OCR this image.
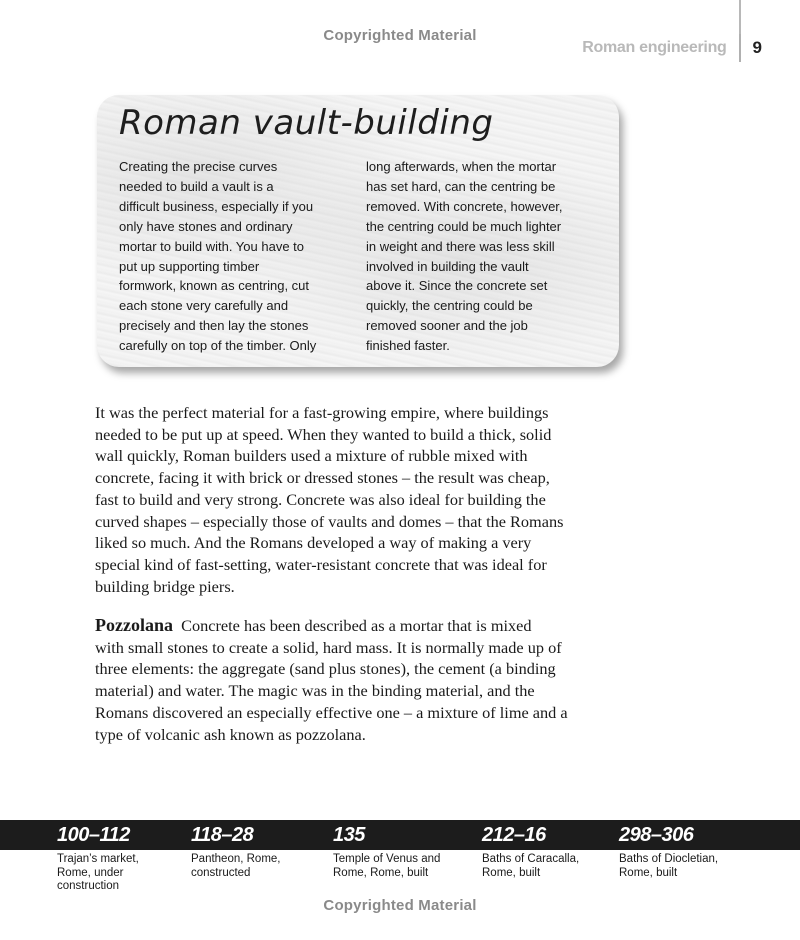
Copyrighted Material
Roman engineering 9
Roman vault-building
Creating the precise curves
needed to build a vault is a
difficult business, especially if you
only have stones and ordinary
mortar to build with. You have to
put up supporting timber
formwork, known as centring, cut
each stone very carefully and
precisely and then lay the stones
carefully on top of the timber. Only
long afterwards, when the mortar
has set hard, can the centring be
removed. With concrete, however,
the centring could be much lighter
in weight and there was less skill
involved in building the vault
above it. Since the concrete set
quickly, the centring could be
removed sooner and the job
finished faster.
It was the perfect material for a fast-growing empire, where buildings
needed to be put up at speed. When they wanted to build a thick, solid
wall quickly, Roman builders used a mixture of rubble mixed with
concrete, facing it with brick or dressed stones – the result was cheap,
fast to build and very strong. Concrete was also ideal for building the
curved shapes – especially those of vaults and domes – that the Romans
liked so much. And the Romans developed a way of making a very
special kind of fast-setting, water-resistant concrete that was ideal for
building bridge piers.
Pozzolana Concrete has been described as a mortar that is mixed
with small stones to create a solid, hard mass. It is normally made up of
three elements: the aggregate (sand plus stones), the cement (a binding
material) and water. The magic was in the binding material, and the
Romans discovered an especially effective one – a mixture of lime and a
type of volcanic ash known as pozzolana.
100–112
Trajan’s market,
Rome, under
construction
118–28
Pantheon, Rome,
constructed
135
Temple of Venus and
Rome, Rome, built
212–16
Baths of Caracalla,
Rome, built
298–306
Baths of Diocletian,
Rome, built
Copyrighted Material
